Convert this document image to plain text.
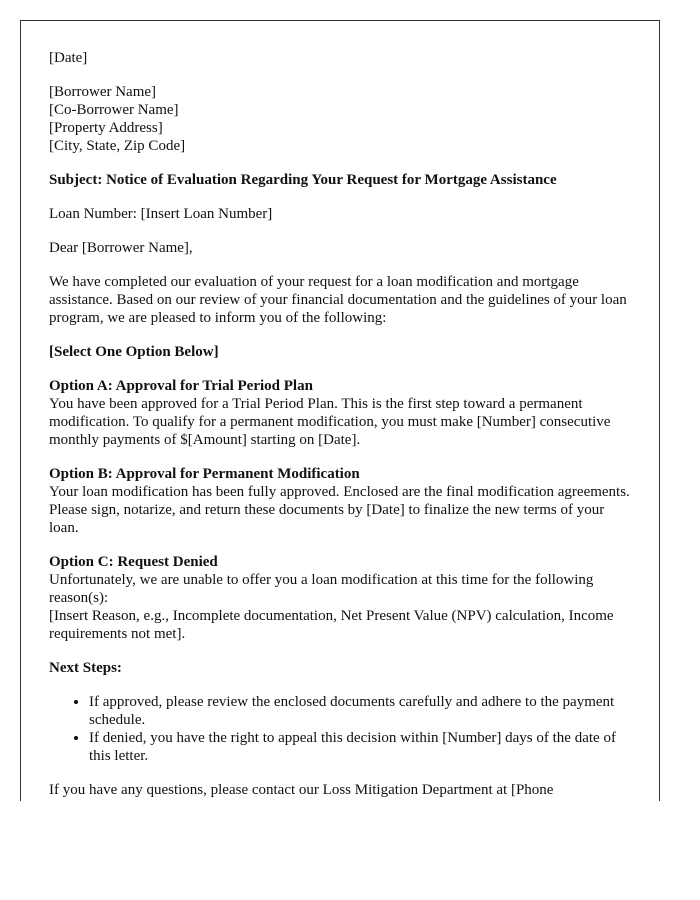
[Date]

[Borrower Name]
[Co-Borrower Name]
[Property Address]
[City, State, Zip Code]

Subject: Notice of Evaluation Regarding Your Request for Mortgage Assistance

Loan Number: [Insert Loan Number]

Dear [Borrower Name],

We have completed our evaluation of your request for a loan modification and mortgage assistance. Based on our review of your financial documentation and the guidelines of your loan program, we are pleased to inform you of the following:

[Select One Option Below]

Option A: Approval for Trial Period Plan
You have been approved for a Trial Period Plan. This is the first step toward a permanent modification. To qualify for a permanent modification, you must make [Number] consecutive monthly payments of $[Amount] starting on [Date].

Option B: Approval for Permanent Modification
Your loan modification has been fully approved. Enclosed are the final modification agreements. Please sign, notarize, and return these documents by [Date] to finalize the new terms of your loan.

Option C: Request Denied
Unfortunately, we are unable to offer you a loan modification at this time for the following reason(s):
[Insert Reason, e.g., Incomplete documentation, Net Present Value (NPV) calculation, Income requirements not met].

Next Steps:

• If approved, please review the enclosed documents carefully and adhere to the payment schedule.
• If denied, you have the right to appeal this decision within [Number] days of the date of this letter.

If you have any questions, please contact our Loss Mitigation Department at [Phone
